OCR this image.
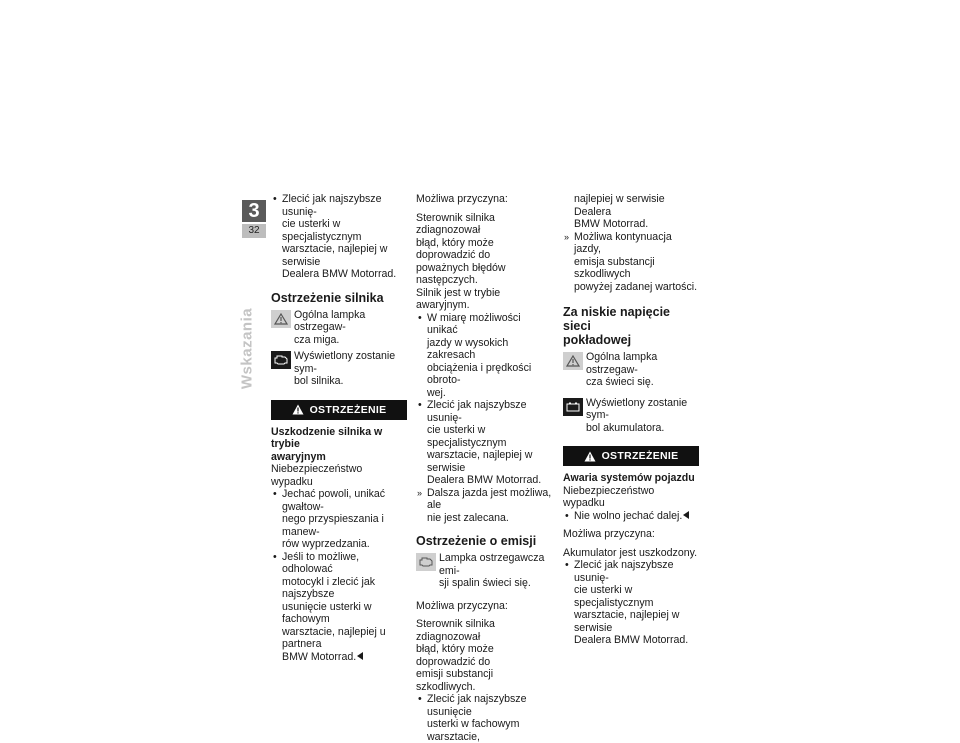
3
32
Wskazania

• Zlecić jak najszybsze usunię-

cie usterki w specjalistycznym

warsztacie, najlepiej w serwisie

Dealera BMW Motorrad.

Ostrzeżenie silnika

Ogólna lampka ostrzegaw-

cza miga.

Wyświetlony zostanie sym-

bol silnika.

OSTRZEŻENIE

Uszkodzenie silnika w trybie

awaryjnym

Niebezpieczeństwo wypadku

• Jechać powoli, unikać gwałtow-

nego przyspieszania i manew-

rów wyprzedzania.

• Jeśli to możliwe, odholować

motocykl i zlecić jak najszybsze

usunięcie usterki w fachowym

warsztacie, najlepiej u partnera

BMW Motorrad.

Możliwa przyczyna:

Sterownik silnika zdiagnozował

błąd, który może doprowadzić do

poważnych błędów następczych.

Silnik jest w trybie awaryjnym.

• W miarę możliwości unikać

jazdy w wysokich zakresach

obciążenia i prędkości obroto-

wej.

• Zlecić jak najszybsze usunię-

cie usterki w specjalistycznym

warsztacie, najlepiej w serwisie

Dealera BMW Motorrad.

» Dalsza jazda jest możliwa, ale

nie jest zalecana.

Ostrzeżenie o emisji

Lampka ostrzegawcza emi-

sji spalin świeci się.

Możliwa przyczyna:

Sterownik silnika zdiagnozował

błąd, który może doprowadzić do

emisji substancji szkodliwych.

• Zlecić jak najszybsze usunięcie

usterki w fachowym warsztacie,

najlepiej w serwisie Dealera

BMW Motorrad.

» Możliwa kontynuacja jazdy,

emisja substancji szkodliwych

powyżej zadanej wartości.

Za niskie napięcie sieci
pokładowej

Ogólna lampka ostrzegaw-

cza świeci się.

Wyświetlony zostanie sym-

bol akumulatora.

OSTRZEŻENIE

Awaria systemów pojazdu

Niebezpieczeństwo wypadku

• Nie wolno jechać dalej.

Możliwa przyczyna:

Akumulator jest uszkodzony.

• Zlecić jak najszybsze usunię-

cie usterki w specjalistycznym

warsztacie, najlepiej w serwisie

Dealera BMW Motorrad.
